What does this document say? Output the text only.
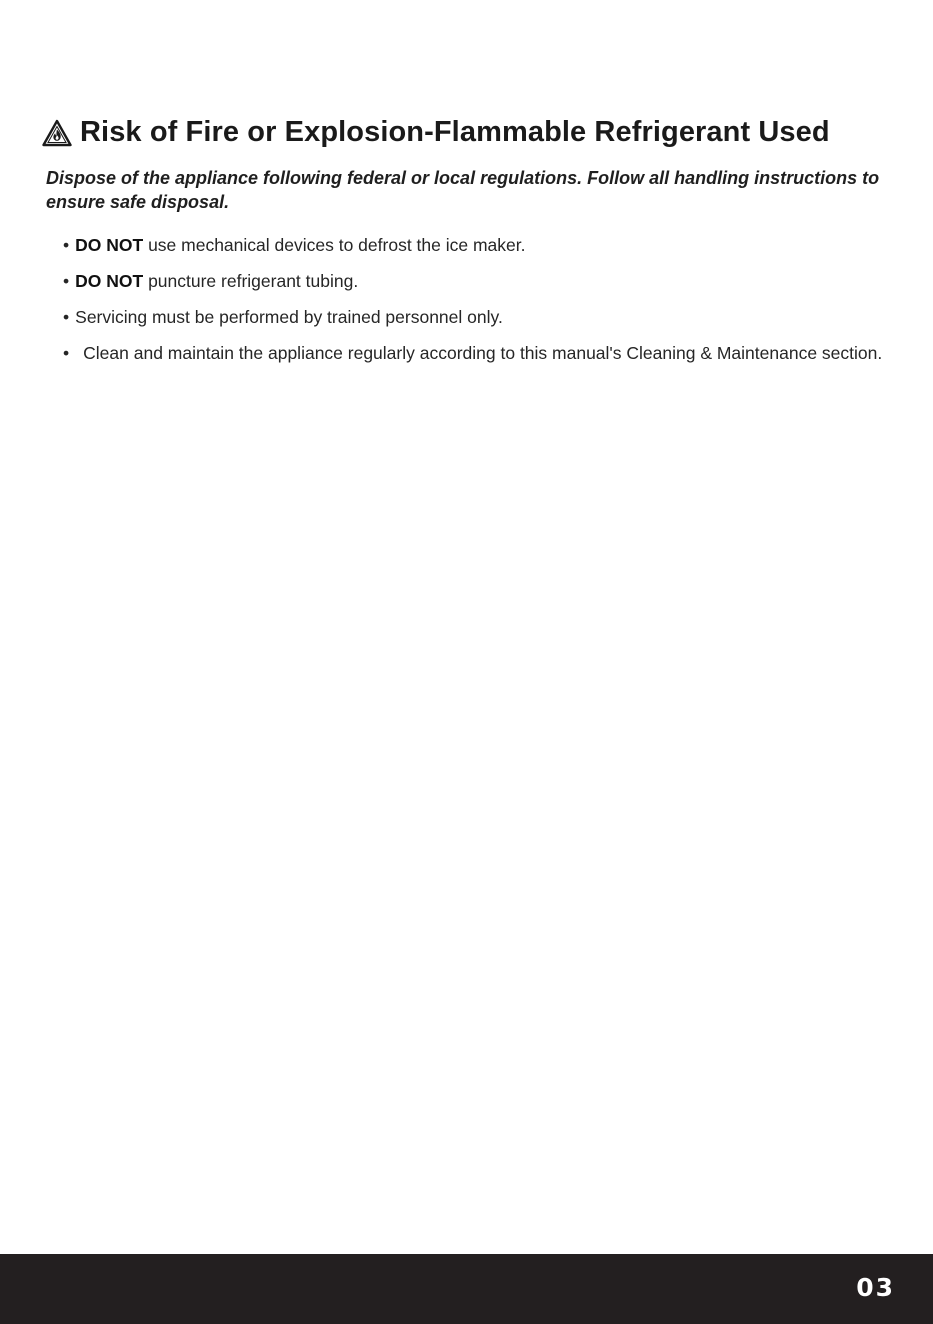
Risk of Fire or Explosion-Flammable Refrigerant Used

Dispose of the appliance following federal or local regulations. Follow all handling instructions to ensure safe disposal.

• DO NOT use mechanical devices to defrost the ice maker.
• DO NOT puncture refrigerant tubing.
• Servicing must be performed by trained personnel only.
• Clean and maintain the appliance regularly according to this manual's Cleaning & Maintenance section.
03
